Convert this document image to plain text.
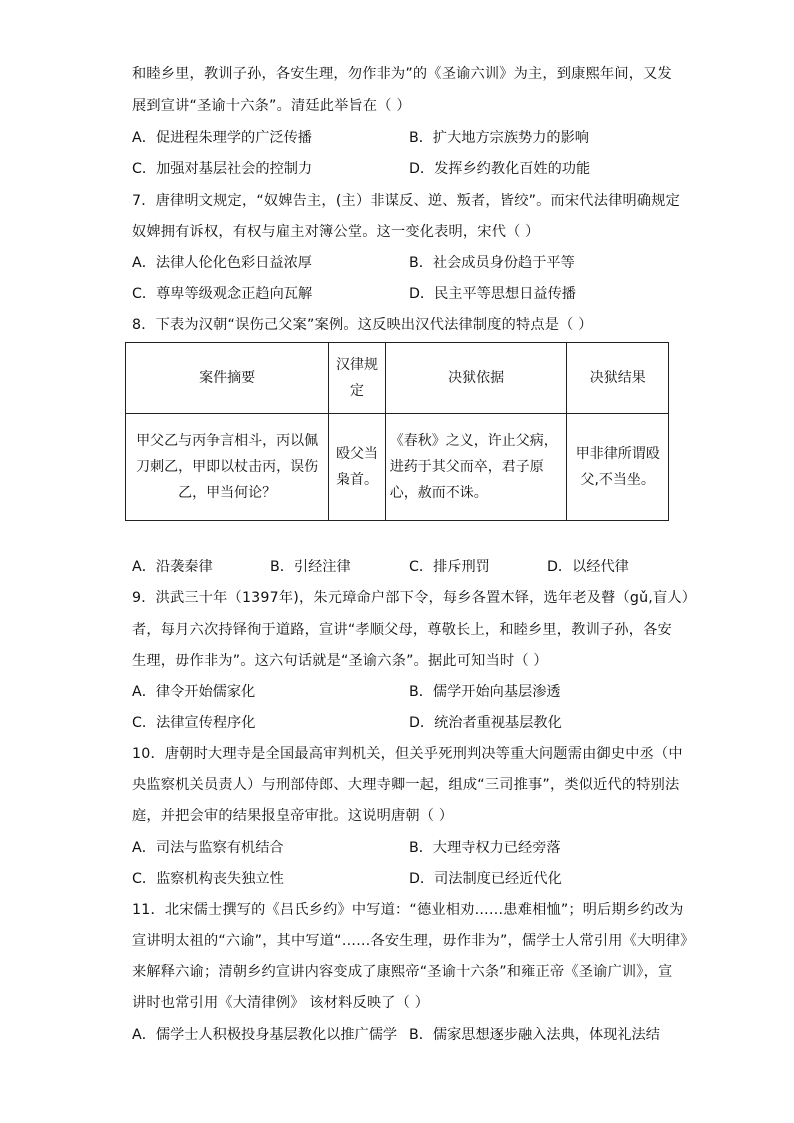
和睦乡里，教训子孙，各安生理，勿作非为”的《圣谕六训》为主，到康熙年间，又发
展到宣讲“圣谕十六条”。清廷此举旨在（ ）
A．促进程朱理学的广泛传播	B．扩大地方宗族势力的影响
C．加强对基层社会的控制力	D．发挥乡约教化百姓的功能
7．唐律明文规定，“奴婢告主，(主）非谋反、逆、叛者，皆绞”。而宋代法律明确规定
奴婢拥有诉权，有权与雇主对簿公堂。这一变化表明，宋代（ ）
A．法律人伦化色彩日益浓厚	B．社会成员身份趋于平等
C．尊卑等级观念正趋向瓦解	D．民主平等思想日益传播
8．下表为汉朝“误伤己父案”案例。这反映出汉代法律制度的特点是（ ）
案件摘要	汉律规定	决狱依据	决狱结果
甲父乙与丙争言相斗，丙以佩刀刺乙，甲即以杖击丙，误伤乙，甲当何论？	殴父当枭首。	《春秋》之义，许止父病，进药于其父而卒，君子原心，赦而不诛。	甲非律所谓殴父,不当坐。
A．沿袭秦律	B．引经注律	C．排斥刑罚	D．以经代律
9．洪武三十年（1397年)，朱元璋命户部下令，每乡各置木铎，选年老及瞽（gǔ,盲人）
者，每月六次持铎徇于道路，宣讲“孝顺父母，尊敬长上，和睦乡里，教训子孙，各安
生理，毋作非为”。这六句话就是“圣谕六条”。据此可知当时（ ）
A．律令开始儒家化	B．儒学开始向基层渗透
C．法律宣传程序化	D．统治者重视基层教化
10．唐朝时大理寺是全国最高审判机关，但关乎死刑判决等重大问题需由御史中丞（中
央监察机关员责人）与刑部侍郎、大理寺卿一起，组成“三司推事”，类似近代的特别法
庭，并把会审的结果报皇帝审批。这说明唐朝（ ）
A．司法与监察有机结合	B．大理寺权力已经旁落
C．监察机构丧失独立性	D．司法制度已经近代化
11．北宋儒士撰写的《吕氏乡约》中写道：“德业相劝……患难相恤”；明后期乡约改为
宣讲明太祖的“六谕”，其中写道“……各安生理，毋作非为”，儒学士人常引用《大明律》
来解释六谕；清朝乡约宣讲内容变成了康熙帝“圣谕十六条”和雍正帝《圣谕广训》，宣
讲时也常引用《大清律例》 该材料反映了（ ）
A．儒学士人积极投身基层教化以推广儒学 B．儒家思想逐步融入法典，体现礼法结
